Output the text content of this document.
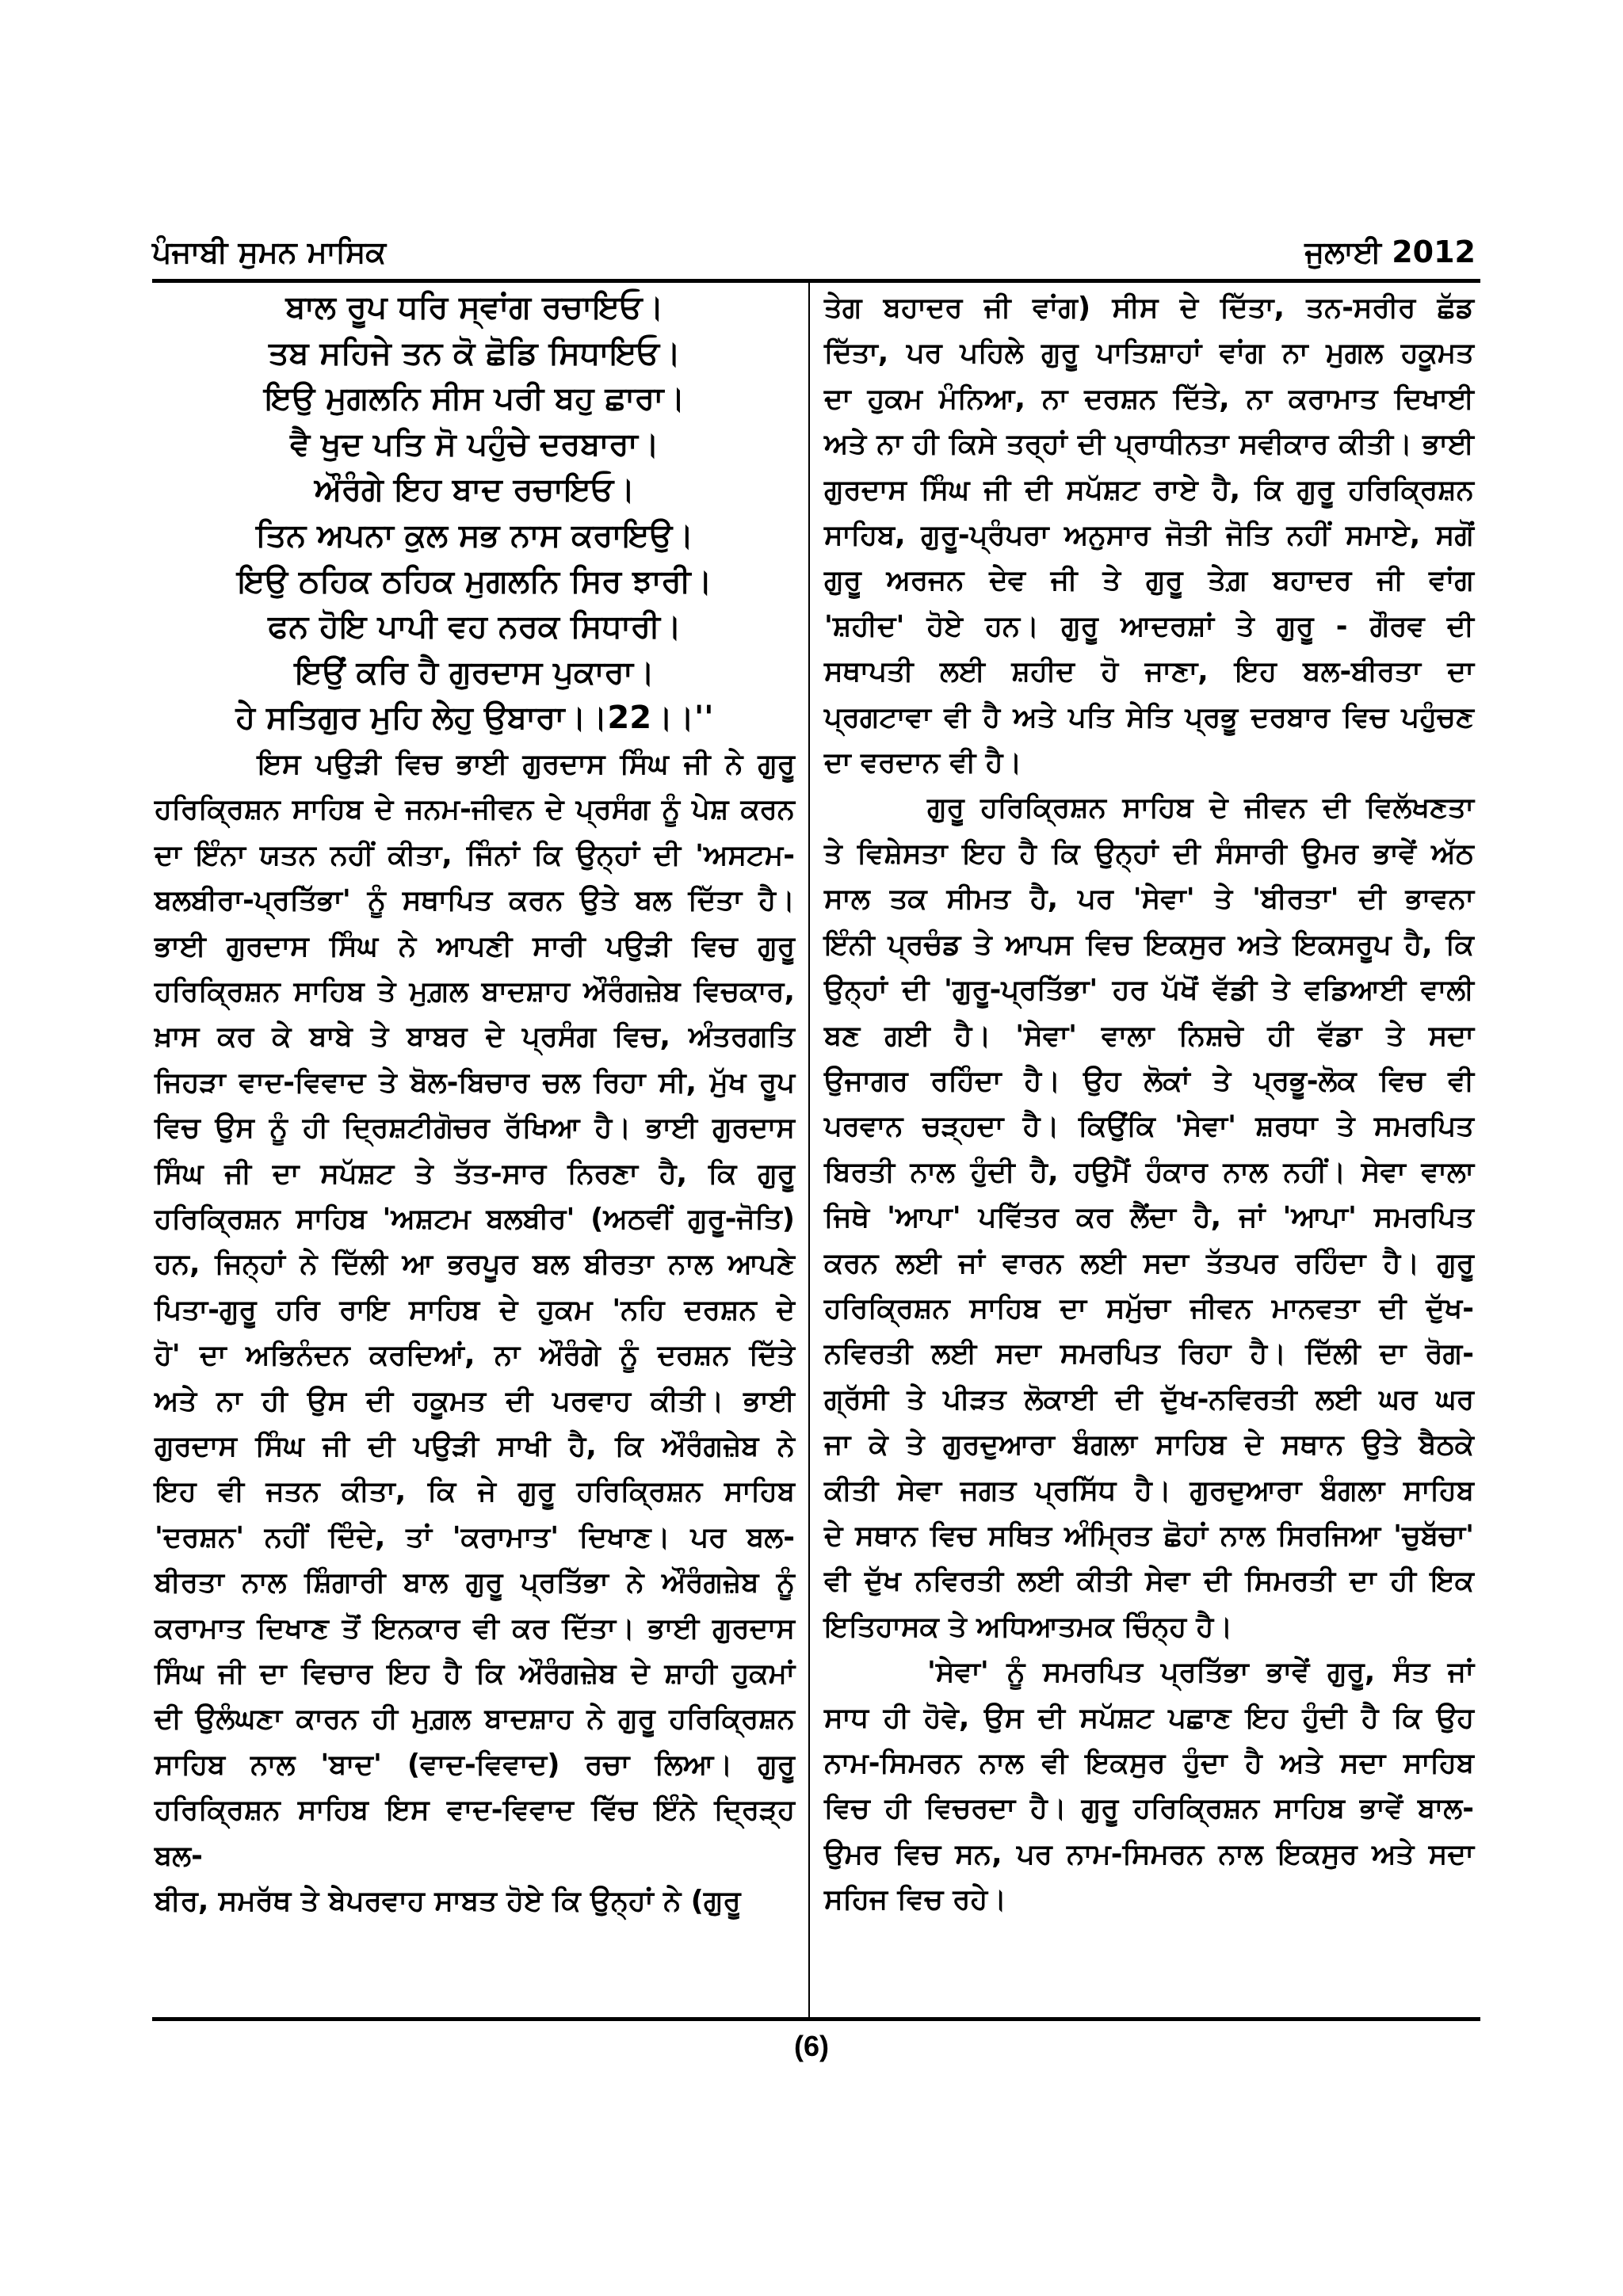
ਪੰਜਾਬੀ ਸੁਮਨ ਮਾਸਿਕ	ਜੁਲਾਈ 2012
ਬਾਲ ਰੂਪ ਧਰਿ ਸ੍ਵਾਂਗ ਰਚਾਇਓ।
ਤਬ ਸਹਿਜੇ ਤਨ ਕੋ ਛੋਡਿ ਸਿਧਾਇਓ।
ਇਉ ਮੁਗਲਨਿ ਸੀਸ ਪਰੀ ਬਹੁ ਛਾਰਾ।
ਵੈ ਖੁਦ ਪਤਿ ਸੋ ਪਹੁੰਚੇ ਦਰਬਾਰਾ।
ਔਰੰਗੇ ਇਹ ਬਾਦ ਰਚਾਇਓ।
ਤਿਨ ਅਪਨਾ ਕੁਲ ਸਭ ਨਾਸ ਕਰਾਇਉ।
ਇਉ ਠਹਿਕ ਠਹਿਕ ਮੁਗਲਨਿ ਸਿਰ ਝਾਰੀ।
ਫਨ ਹੋਇ ਪਾਪੀ ਵਹ ਨਰਕ ਸਿਧਾਰੀ।
ਇਉਂ ਕਰਿ ਹੈ ਗੁਰਦਾਸ ਪੁਕਾਰਾ।
ਹੇ ਸਤਿਗੁਰ ਮੁਹਿ ਲੇਹੁ ਉਬਾਰਾ।।22।।''
ਇਸ ਪਉੜੀ ਵਿਚ ਭਾਈ ਗੁਰਦਾਸ ਸਿੰਘ ਜੀ ਨੇ ਗੁਰੂ
ਹਰਿਕ੍ਰਿਸ਼ਨ ਸਾਹਿਬ ਦੇ ਜਨਮ-ਜੀਵਨ ਦੇ ਪ੍ਰਸੰਗ ਨੂੰ ਪੇਸ਼ ਕਰਨ
ਦਾ ਇੰਨਾ ਯਤਨ ਨਹੀਂ ਕੀਤਾ, ਜਿੰਨਾਂ ਕਿ ਉਨ੍ਹਾਂ ਦੀ 'ਅਸਟਮ-
ਬਲਬੀਰਾ-ਪ੍ਰਤਿੱਭਾ' ਨੂੰ ਸਥਾਪਿਤ ਕਰਨ ਉਤੇ ਬਲ ਦਿੱਤਾ ਹੈ।
ਭਾਈ ਗੁਰਦਾਸ ਸਿੰਘ ਨੇ ਆਪਣੀ ਸਾਰੀ ਪਉੜੀ ਵਿਚ ਗੁਰੂ
ਹਰਿਕ੍ਰਿਸ਼ਨ ਸਾਹਿਬ ਤੇ ਮੁਗ਼ਲ ਬਾਦਸ਼ਾਹ ਔਰੰਗਜ਼ੇਬ ਵਿਚਕਾਰ,
ਖ਼ਾਸ ਕਰ ਕੇ ਬਾਬੇ ਤੇ ਬਾਬਰ ਦੇ ਪ੍ਰਸੰਗ ਵਿਚ, ਅੰਤਰਗਤਿ
ਜਿਹੜਾ ਵਾਦ-ਵਿਵਾਦ ਤੇ ਬੋਲ-ਬਿਚਾਰ ਚਲ ਰਿਹਾ ਸੀ, ਮੁੱਖ ਰੂਪ
ਵਿਚ ਉਸ ਨੂੰ ਹੀ ਦ੍ਰਿਸ਼ਟੀਗੋਚਰ ਰੱਖਿਆ ਹੈ। ਭਾਈ ਗੁਰਦਾਸ
ਸਿੰਘ ਜੀ ਦਾ ਸਪੱਸ਼ਟ ਤੇ ਤੱਤ-ਸਾਰ ਨਿਰਣਾ ਹੈ, ਕਿ ਗੁਰੂ
ਹਰਿਕ੍ਰਿਸ਼ਨ ਸਾਹਿਬ 'ਅਸ਼ਟਮ ਬਲਬੀਰ' (ਅਠਵੀਂ ਗੁਰੂ-ਜੋਤਿ)
ਹਨ, ਜਿਨ੍ਹਾਂ ਨੇ ਦਿੱਲੀ ਆ ਭਰਪੂਰ ਬਲ ਬੀਰਤਾ ਨਾਲ ਆਪਣੇ
ਪਿਤਾ-ਗੁਰੂ ਹਰਿ ਰਾਇ ਸਾਹਿਬ ਦੇ ਹੁਕਮ 'ਨਹਿ ਦਰਸ਼ਨ ਦੇ
ਹੋ' ਦਾ ਅਭਿਨੰਦਨ ਕਰਦਿਆਂ, ਨਾ ਔਰੰਗੇ ਨੂੰ ਦਰਸ਼ਨ ਦਿੱਤੇ
ਅਤੇ ਨਾ ਹੀ ਉਸ ਦੀ ਹਕੂਮਤ ਦੀ ਪਰਵਾਹ ਕੀਤੀ। ਭਾਈ
ਗੁਰਦਾਸ ਸਿੰਘ ਜੀ ਦੀ ਪਉੜੀ ਸਾਖੀ ਹੈ, ਕਿ ਔਰੰਗਜ਼ੇਬ ਨੇ
ਇਹ ਵੀ ਜਤਨ ਕੀਤਾ, ਕਿ ਜੇ ਗੁਰੂ ਹਰਿਕ੍ਰਿਸ਼ਨ ਸਾਹਿਬ
'ਦਰਸ਼ਨ' ਨਹੀਂ ਦਿੰਦੇ, ਤਾਂ 'ਕਰਾਮਾਤ' ਦਿਖਾਣ। ਪਰ ਬਲ-
ਬੀਰਤਾ ਨਾਲ ਸ਼ਿੰਗਾਰੀ ਬਾਲ ਗੁਰੂ ਪ੍ਰਤਿੱਭਾ ਨੇ ਔਰੰਗਜ਼ੇਬ ਨੂੰ
ਕਰਾਮਾਤ ਦਿਖਾਣ ਤੋਂ ਇਨਕਾਰ ਵੀ ਕਰ ਦਿੱਤਾ। ਭਾਈ ਗੁਰਦਾਸ
ਸਿੰਘ ਜੀ ਦਾ ਵਿਚਾਰ ਇਹ ਹੈ ਕਿ ਔਰੰਗਜ਼ੇਬ ਦੇ ਸ਼ਾਹੀ ਹੁਕਮਾਂ
ਦੀ ਉਲੰਘਣਾ ਕਾਰਨ ਹੀ ਮੁਗ਼ਲ ਬਾਦਸ਼ਾਹ ਨੇ ਗੁਰੂ ਹਰਿਕ੍ਰਿਸ਼ਨ
ਸਾਹਿਬ ਨਾਲ 'ਬਾਦ' (ਵਾਦ-ਵਿਵਾਦ) ਰਚਾ ਲਿਆ। ਗੁਰੂ
ਹਰਿਕ੍ਰਿਸ਼ਨ ਸਾਹਿਬ ਇਸ ਵਾਦ-ਵਿਵਾਦ ਵਿੱਚ ਇੰਨੇ ਦ੍ਰਿੜ੍ਹ ਬਲ-
ਬੀਰ, ਸਮਰੱਥ ਤੇ ਬੇਪਰਵਾਹ ਸਾਬਤ ਹੋਏ ਕਿ ਉਨ੍ਹਾਂ ਨੇ (ਗੁਰੂ
ਤੇਗ ਬਹਾਦਰ ਜੀ ਵਾਂਗ) ਸੀਸ ਦੇ ਦਿੱਤਾ, ਤਨ-ਸਰੀਰ ਛੱਡ
ਦਿੱਤਾ, ਪਰ ਪਹਿਲੇ ਗੁਰੂ ਪਾਤਿਸ਼ਾਹਾਂ ਵਾਂਗ ਨਾ ਮੁਗਲ ਹਕੂਮਤ
ਦਾ ਹੁਕਮ ਮੰਨਿਆ, ਨਾ ਦਰਸ਼ਨ ਦਿੱਤੇ, ਨਾ ਕਰਾਮਾਤ ਦਿਖਾਈ
ਅਤੇ ਨਾ ਹੀ ਕਿਸੇ ਤਰ੍ਹਾਂ ਦੀ ਪ੍ਰਾਧੀਨਤਾ ਸਵੀਕਾਰ ਕੀਤੀ। ਭਾਈ
ਗੁਰਦਾਸ ਸਿੰਘ ਜੀ ਦੀ ਸਪੱਸ਼ਟ ਰਾਏ ਹੈ, ਕਿ ਗੁਰੂ ਹਰਿਕ੍ਰਿਸ਼ਨ
ਸਾਹਿਬ, ਗੁਰੂ-ਪ੍ਰੰਪਰਾ ਅਨੁਸਾਰ ਜੋਤੀ ਜੋਤਿ ਨਹੀਂ ਸਮਾਏ, ਸਗੋਂ
ਗੁਰੂ ਅਰਜਨ ਦੇਵ ਜੀ ਤੇ ਗੁਰੂ ਤੇਗ਼ ਬਹਾਦਰ ਜੀ ਵਾਂਗ
'ਸ਼ਹੀਦ' ਹੋਏ ਹਨ। ਗੁਰੂ ਆਦਰਸ਼ਾਂ ਤੇ ਗੁਰੂ - ਗੌਰਵ ਦੀ
ਸਥਾਪਤੀ ਲਈ ਸ਼ਹੀਦ ਹੋ ਜਾਣਾ, ਇਹ ਬਲ-ਬੀਰਤਾ ਦਾ
ਪ੍ਰਗਟਾਵਾ ਵੀ ਹੈ ਅਤੇ ਪਤਿ ਸੇਤਿ ਪ੍ਰਭੂ ਦਰਬਾਰ ਵਿਚ ਪਹੁੰਚਣ
ਦਾ ਵਰਦਾਨ ਵੀ ਹੈ।
ਗੁਰੂ ਹਰਿਕ੍ਰਿਸ਼ਨ ਸਾਹਿਬ ਦੇ ਜੀਵਨ ਦੀ ਵਿਲੱਖਣਤਾ
ਤੇ ਵਿਸ਼ੇਸਤਾ ਇਹ ਹੈ ਕਿ ਉਨ੍ਹਾਂ ਦੀ ਸੰਸਾਰੀ ਉਮਰ ਭਾਵੇਂ ਅੱਠ
ਸਾਲ ਤਕ ਸੀਮਤ ਹੈ, ਪਰ 'ਸੇਵਾ' ਤੇ 'ਬੀਰਤਾ' ਦੀ ਭਾਵਨਾ
ਇੰਨੀ ਪ੍ਰਚੰਡ ਤੇ ਆਪਸ ਵਿਚ ਇਕਸੁਰ ਅਤੇ ਇਕਸਰੂਪ ਹੈ, ਕਿ
ਉਨ੍ਹਾਂ ਦੀ 'ਗੁਰੂ-ਪ੍ਰਤਿੱਭਾ' ਹਰ ਪੱਖੋਂ ਵੱਡੀ ਤੇ ਵਡਿਆਈ ਵਾਲੀ
ਬਣ ਗਈ ਹੈ। 'ਸੇਵਾ' ਵਾਲਾ ਨਿਸ਼ਚੇ ਹੀ ਵੱਡਾ ਤੇ ਸਦਾ
ਉਜਾਗਰ ਰਹਿੰਦਾ ਹੈ। ਉਹ ਲੋਕਾਂ ਤੇ ਪ੍ਰਭੂ-ਲੋਕ ਵਿਚ ਵੀ
ਪਰਵਾਨ ਚੜ੍ਹਦਾ ਹੈ। ਕਿਉਂਕਿ 'ਸੇਵਾ' ਸ਼ਰਧਾ ਤੇ ਸਮਰਪਿਤ
ਬਿਰਤੀ ਨਾਲ ਹੁੰਦੀ ਹੈ, ਹਉਮੈਂ ਹੰਕਾਰ ਨਾਲ ਨਹੀਂ। ਸੇਵਾ ਵਾਲਾ
ਜਿਥੇ 'ਆਪਾ' ਪਵਿੱਤਰ ਕਰ ਲੈਂਦਾ ਹੈ, ਜਾਂ 'ਆਪਾ' ਸਮਰਪਿਤ
ਕਰਨ ਲਈ ਜਾਂ ਵਾਰਨ ਲਈ ਸਦਾ ਤੱਤਪਰ ਰਹਿੰਦਾ ਹੈ। ਗੁਰੂ
ਹਰਿਕ੍ਰਿਸ਼ਨ ਸਾਹਿਬ ਦਾ ਸਮੁੱਚਾ ਜੀਵਨ ਮਾਨਵਤਾ ਦੀ ਦੁੱਖ-
ਨਵਿਰਤੀ ਲਈ ਸਦਾ ਸਮਰਪਿਤ ਰਿਹਾ ਹੈ। ਦਿੱਲੀ ਦਾ ਰੋਗ-
ਗ੍ਰੱਸੀ ਤੇ ਪੀੜਤ ਲੋਕਾਈ ਦੀ ਦੁੱਖ-ਨਵਿਰਤੀ ਲਈ ਘਰ ਘਰ
ਜਾ ਕੇ ਤੇ ਗੁਰਦੁਆਰਾ ਬੰਗਲਾ ਸਾਹਿਬ ਦੇ ਸਥਾਨ ਉਤੇ ਬੈਠਕੇ
ਕੀਤੀ ਸੇਵਾ ਜਗਤ ਪ੍ਰਸਿੱਧ ਹੈ। ਗੁਰਦੁਆਰਾ ਬੰਗਲਾ ਸਾਹਿਬ
ਦੇ ਸਥਾਨ ਵਿਚ ਸਥਿਤ ਅੰਮ੍ਰਿਤ ਛੋਹਾਂ ਨਾਲ ਸਿਰਜਿਆ 'ਚੁਬੱਚਾ'
ਵੀ ਦੁੱਖ ਨਵਿਰਤੀ ਲਈ ਕੀਤੀ ਸੇਵਾ ਦੀ ਸਿਮਰਤੀ ਦਾ ਹੀ ਇਕ
ਇਤਿਹਾਸਕ ਤੇ ਅਧਿਆਤਮਕ ਚਿੰਨ੍ਹ ਹੈ।
'ਸੇਵਾ' ਨੂੰ ਸਮਰਪਿਤ ਪ੍ਰਤਿੱਭਾ ਭਾਵੇਂ ਗੁਰੂ, ਸੰਤ ਜਾਂ
ਸਾਧ ਹੀ ਹੋਵੇ, ਉਸ ਦੀ ਸਪੱਸ਼ਟ ਪਛਾਣ ਇਹ ਹੁੰਦੀ ਹੈ ਕਿ ਉਹ
ਨਾਮ-ਸਿਮਰਨ ਨਾਲ ਵੀ ਇਕਸੁਰ ਹੁੰਦਾ ਹੈ ਅਤੇ ਸਦਾ ਸਾਹਿਬ
ਵਿਚ ਹੀ ਵਿਚਰਦਾ ਹੈ। ਗੁਰੂ ਹਰਿਕ੍ਰਿਸ਼ਨ ਸਾਹਿਬ ਭਾਵੇਂ ਬਾਲ-
ਉਮਰ ਵਿਚ ਸਨ, ਪਰ ਨਾਮ-ਸਿਮਰਨ ਨਾਲ ਇਕਸੁਰ ਅਤੇ ਸਦਾ
ਸਹਿਜ ਵਿਚ ਰਹੇ।
(6)
